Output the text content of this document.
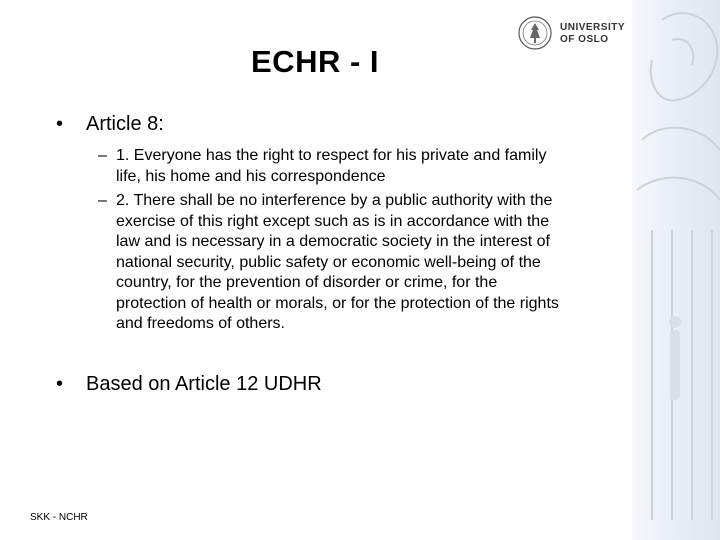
UNIVERSITY
OF OSLO
ECHR - I
• Article 8:
– 1. Everyone has the right to respect for his private and family life, his home and his correspondence
– 2. There shall be no interference by a public authority with the exercise of this right except such as is in accordance with the law and is necessary in a democratic society in the interest of national security, public safety or economic well-being of the country, for the prevention of disorder or crime, for the protection of health or morals, or for the protection of the rights and freedoms of others.
• Based on Article 12 UDHR
SKK - NCHR
